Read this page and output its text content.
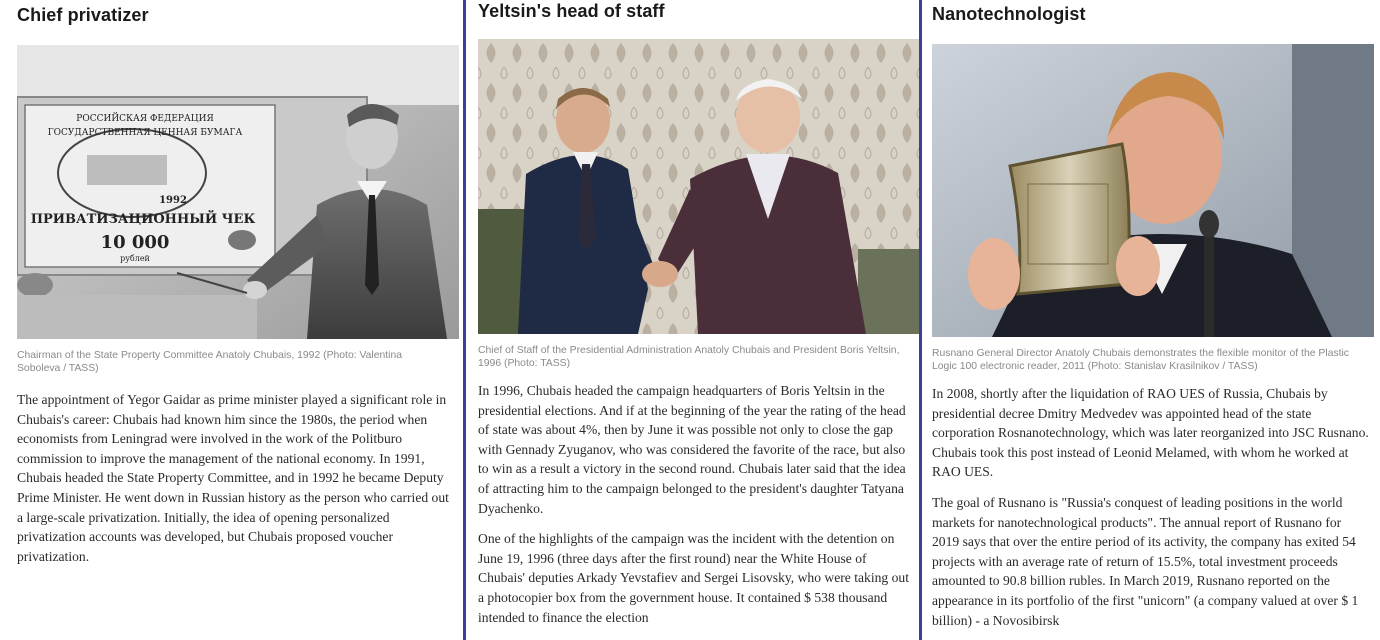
Chief privatizer
РОССИЙСКАЯ ФЕДЕРАЦИЯ
ГОСУДАРСТВЕННАЯ ЦЕННАЯ БУМАГА
1992
ПРИВАТИЗАЦИОННЫЙ ЧЕК
10 000
рублей
Chairman of the State Property Committee Anatoly Chubais, 1992 (Photo: Valentina Soboleva / TASS)

The appointment of Yegor Gaidar as prime minister played a significant role in Chubais's career: Chubais had known him since the 1980s, the period when economists from Leningrad were involved in the work of the Politburo commission to improve the management of the national economy. In 1991, Chubais headed the State Property Committee, and in 1992 he became Deputy Prime Minister. He went down in Russian history as the person who carried out a large-scale privatization. Initially, the idea of opening personalized privatization accounts was developed, but Chubais proposed voucher privatization.

Yeltsin's head of staff
Chief of Staff of the Presidential Administration Anatoly Chubais and President Boris Yeltsin, 1996 (Photo: TASS)

In 1996, Chubais headed the campaign headquarters of Boris Yeltsin in the presidential elections. And if at the beginning of the year the rating of the head of state was about 4%, then by June it was possible not only to close the gap with Gennady Zyuganov, who was considered the favorite of the race, but also to win as a result a victory in the second round. Chubais later said that the idea of attracting him to the campaign belonged to the president's daughter Tatyana Dyachenko.

One of the highlights of the campaign was the incident with the detention on June 19, 1996 (three days after the first round) near the White House of Chubais' deputies Arkady Yevstafiev and Sergei Lisovsky, who were taking out a photocopier box from the government house. It contained $ 538 thousand intended to finance the election

Nanotechnologist
Rusnano General Director Anatoly Chubais demonstrates the flexible monitor of the Plastic Logic 100 electronic reader, 2011 (Photo: Stanislav Krasilnikov / TASS)

In 2008, shortly after the liquidation of RAO UES of Russia, Chubais by presidential decree Dmitry Medvedev was appointed head of the state corporation Rosnanotechnology, which was later reorganized into JSC Rusnano. Chubais took this post instead of Leonid Melamed, with whom he worked at RAO UES.

The goal of Rusnano is "Russia's conquest of leading positions in the world markets for nanotechnological products". The annual report of Rusnano for 2019 says that over the entire period of its activity, the company has exited 54 projects with an average rate of return of 15.5%, total investment proceeds amounted to 90.8 billion rubles. In March 2019, Rusnano reported on the appearance in its portfolio of the first "unicorn" (a company valued at over $ 1 billion) - a Novosibirsk
